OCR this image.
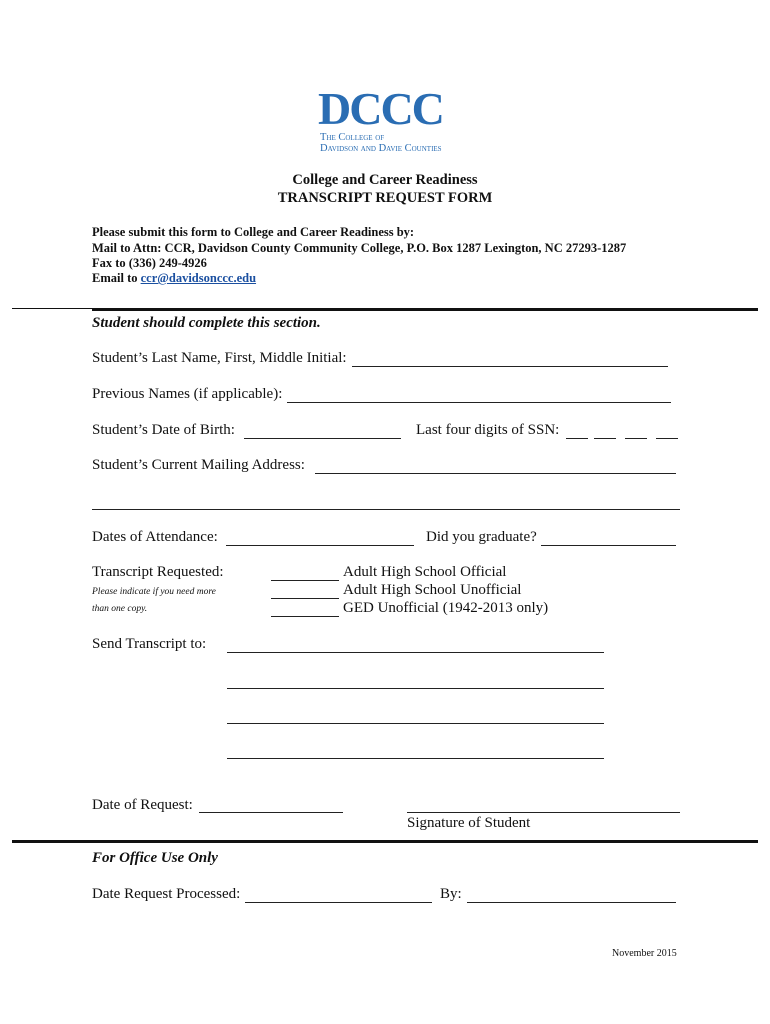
DCCC
The College of
Davidson and Davie Counties
College and Career Readiness
TRANSCRIPT REQUEST FORM
Please submit this form to College and Career Readiness by:
Mail to Attn: CCR, Davidson County Community College, P.O. Box 1287 Lexington, NC 27293-1287
Fax to (336) 249-4926
Email to ccr@davidsonccc.edu
Student should complete this section.
Student’s Last Name, First, Middle Initial:
Previous Names (if applicable):
Student’s Date of Birth:	Last four digits of SSN:
Student’s Current Mailing Address:
Dates of Attendance:	Did you graduate?
Transcript Requested:
Please indicate if you need more
than one copy.
Adult High School Official
Adult High School Unofficial
GED Unofficial (1942-2013 only)
Send Transcript to:
Date of Request:
Signature of Student
For Office Use Only
Date Request Processed:	By:
November 2015
